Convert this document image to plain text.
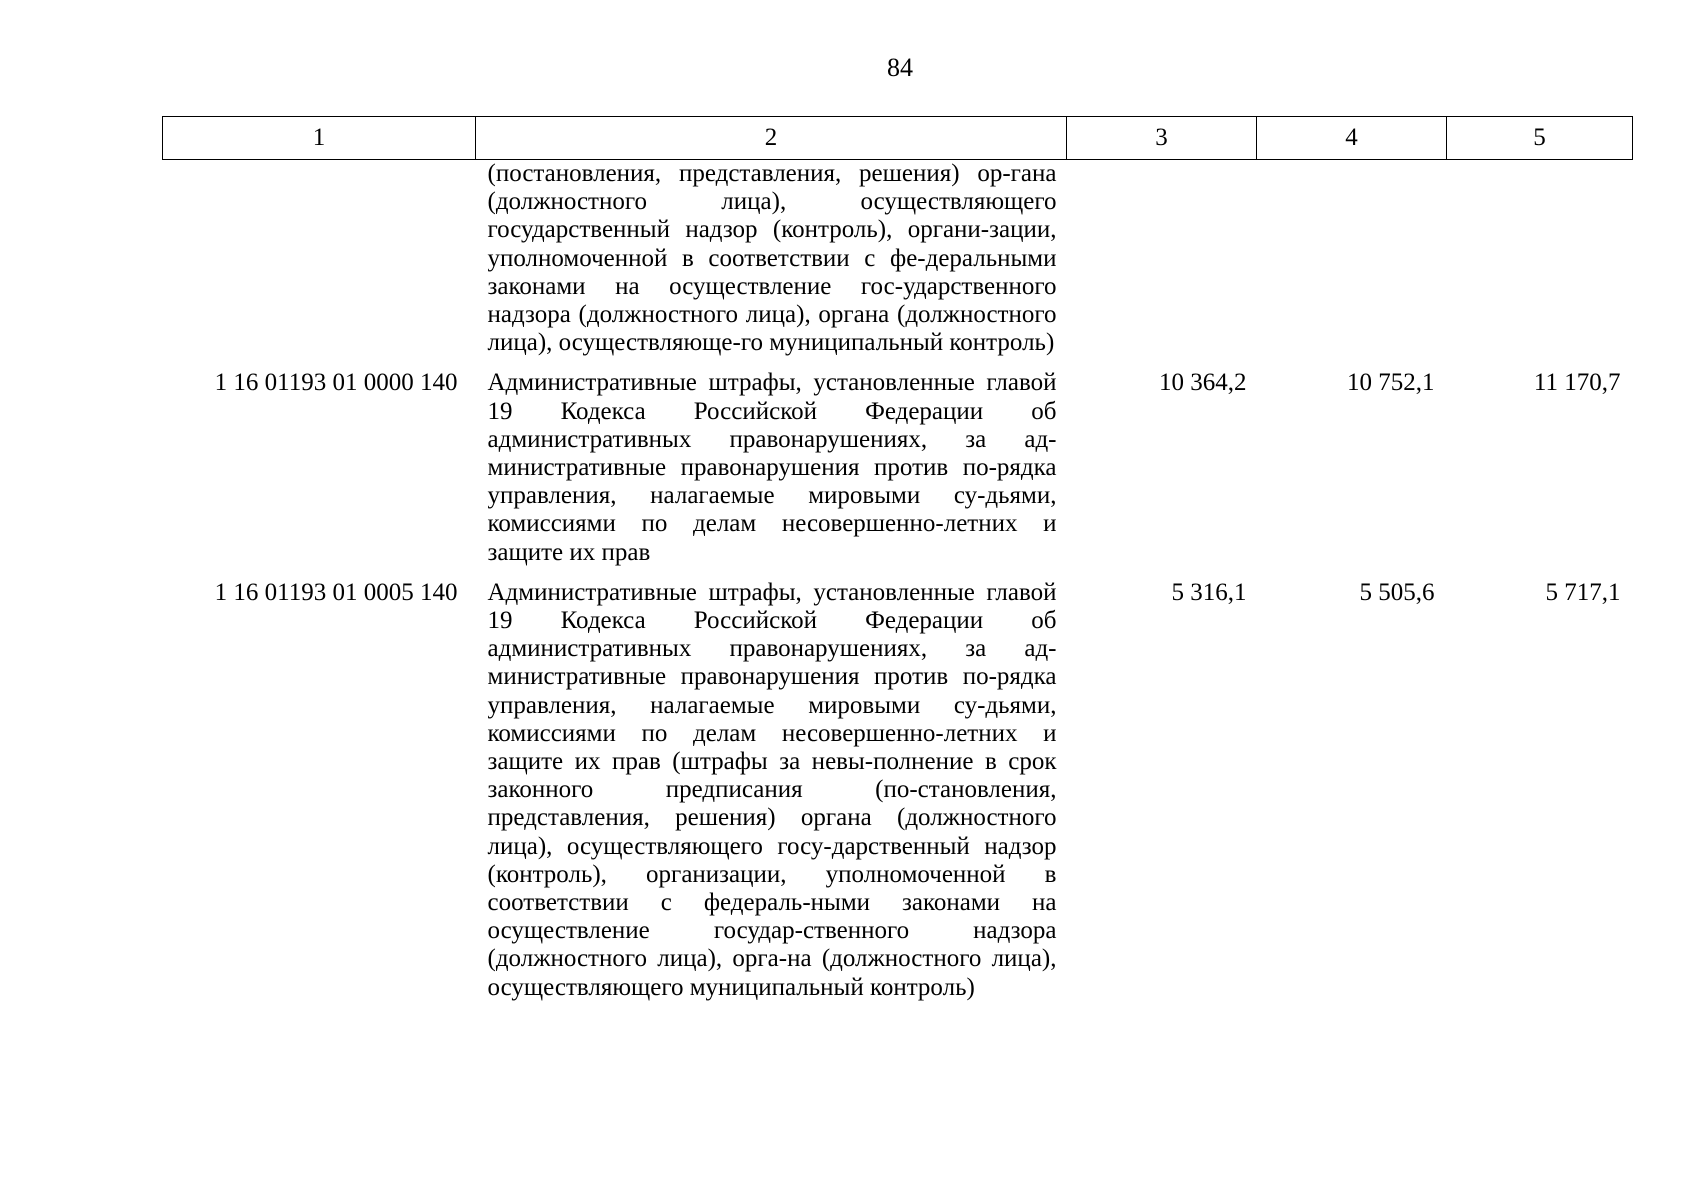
84
1	2	3	4	5
	(постановления, представления, решения) ор-гана (должностного лица), осуществляющего государственный надзор (контроль), органи-зации, уполномоченной в соответствии с фе-деральными законами на осуществление гос-ударственного надзора (должностного лица), органа (должностного лица), осуществляюще-го муниципальный контроль)			
1 16 01193 01 0000 140	Административные штрафы, установленные главой 19 Кодекса Российской Федерации об административных правонарушениях, за ад-министративные правонарушения против по-рядка управления, налагаемые мировыми су-дьями, комиссиями по делам несовершенно-летних и защите их прав	10 364,2	10 752,1	11 170,7
1 16 01193 01 0005 140	Административные штрафы, установленные главой 19 Кодекса Российской Федерации об административных правонарушениях, за ад-министративные правонарушения против по-рядка управления, налагаемые мировыми су-дьями, комиссиями по делам несовершенно-летних и защите их прав (штрафы за невы-полнение в срок законного предписания (по-становления, представления, решения) органа (должностного лица), осуществляющего госу-дарственный надзор (контроль), организации, уполномоченной в соответствии с федераль-ными законами на осуществление государ-ственного надзора (должностного лица), орга-на (должностного лица), осуществляющего муниципальный контроль)	5 316,1	5 505,6	5 717,1
